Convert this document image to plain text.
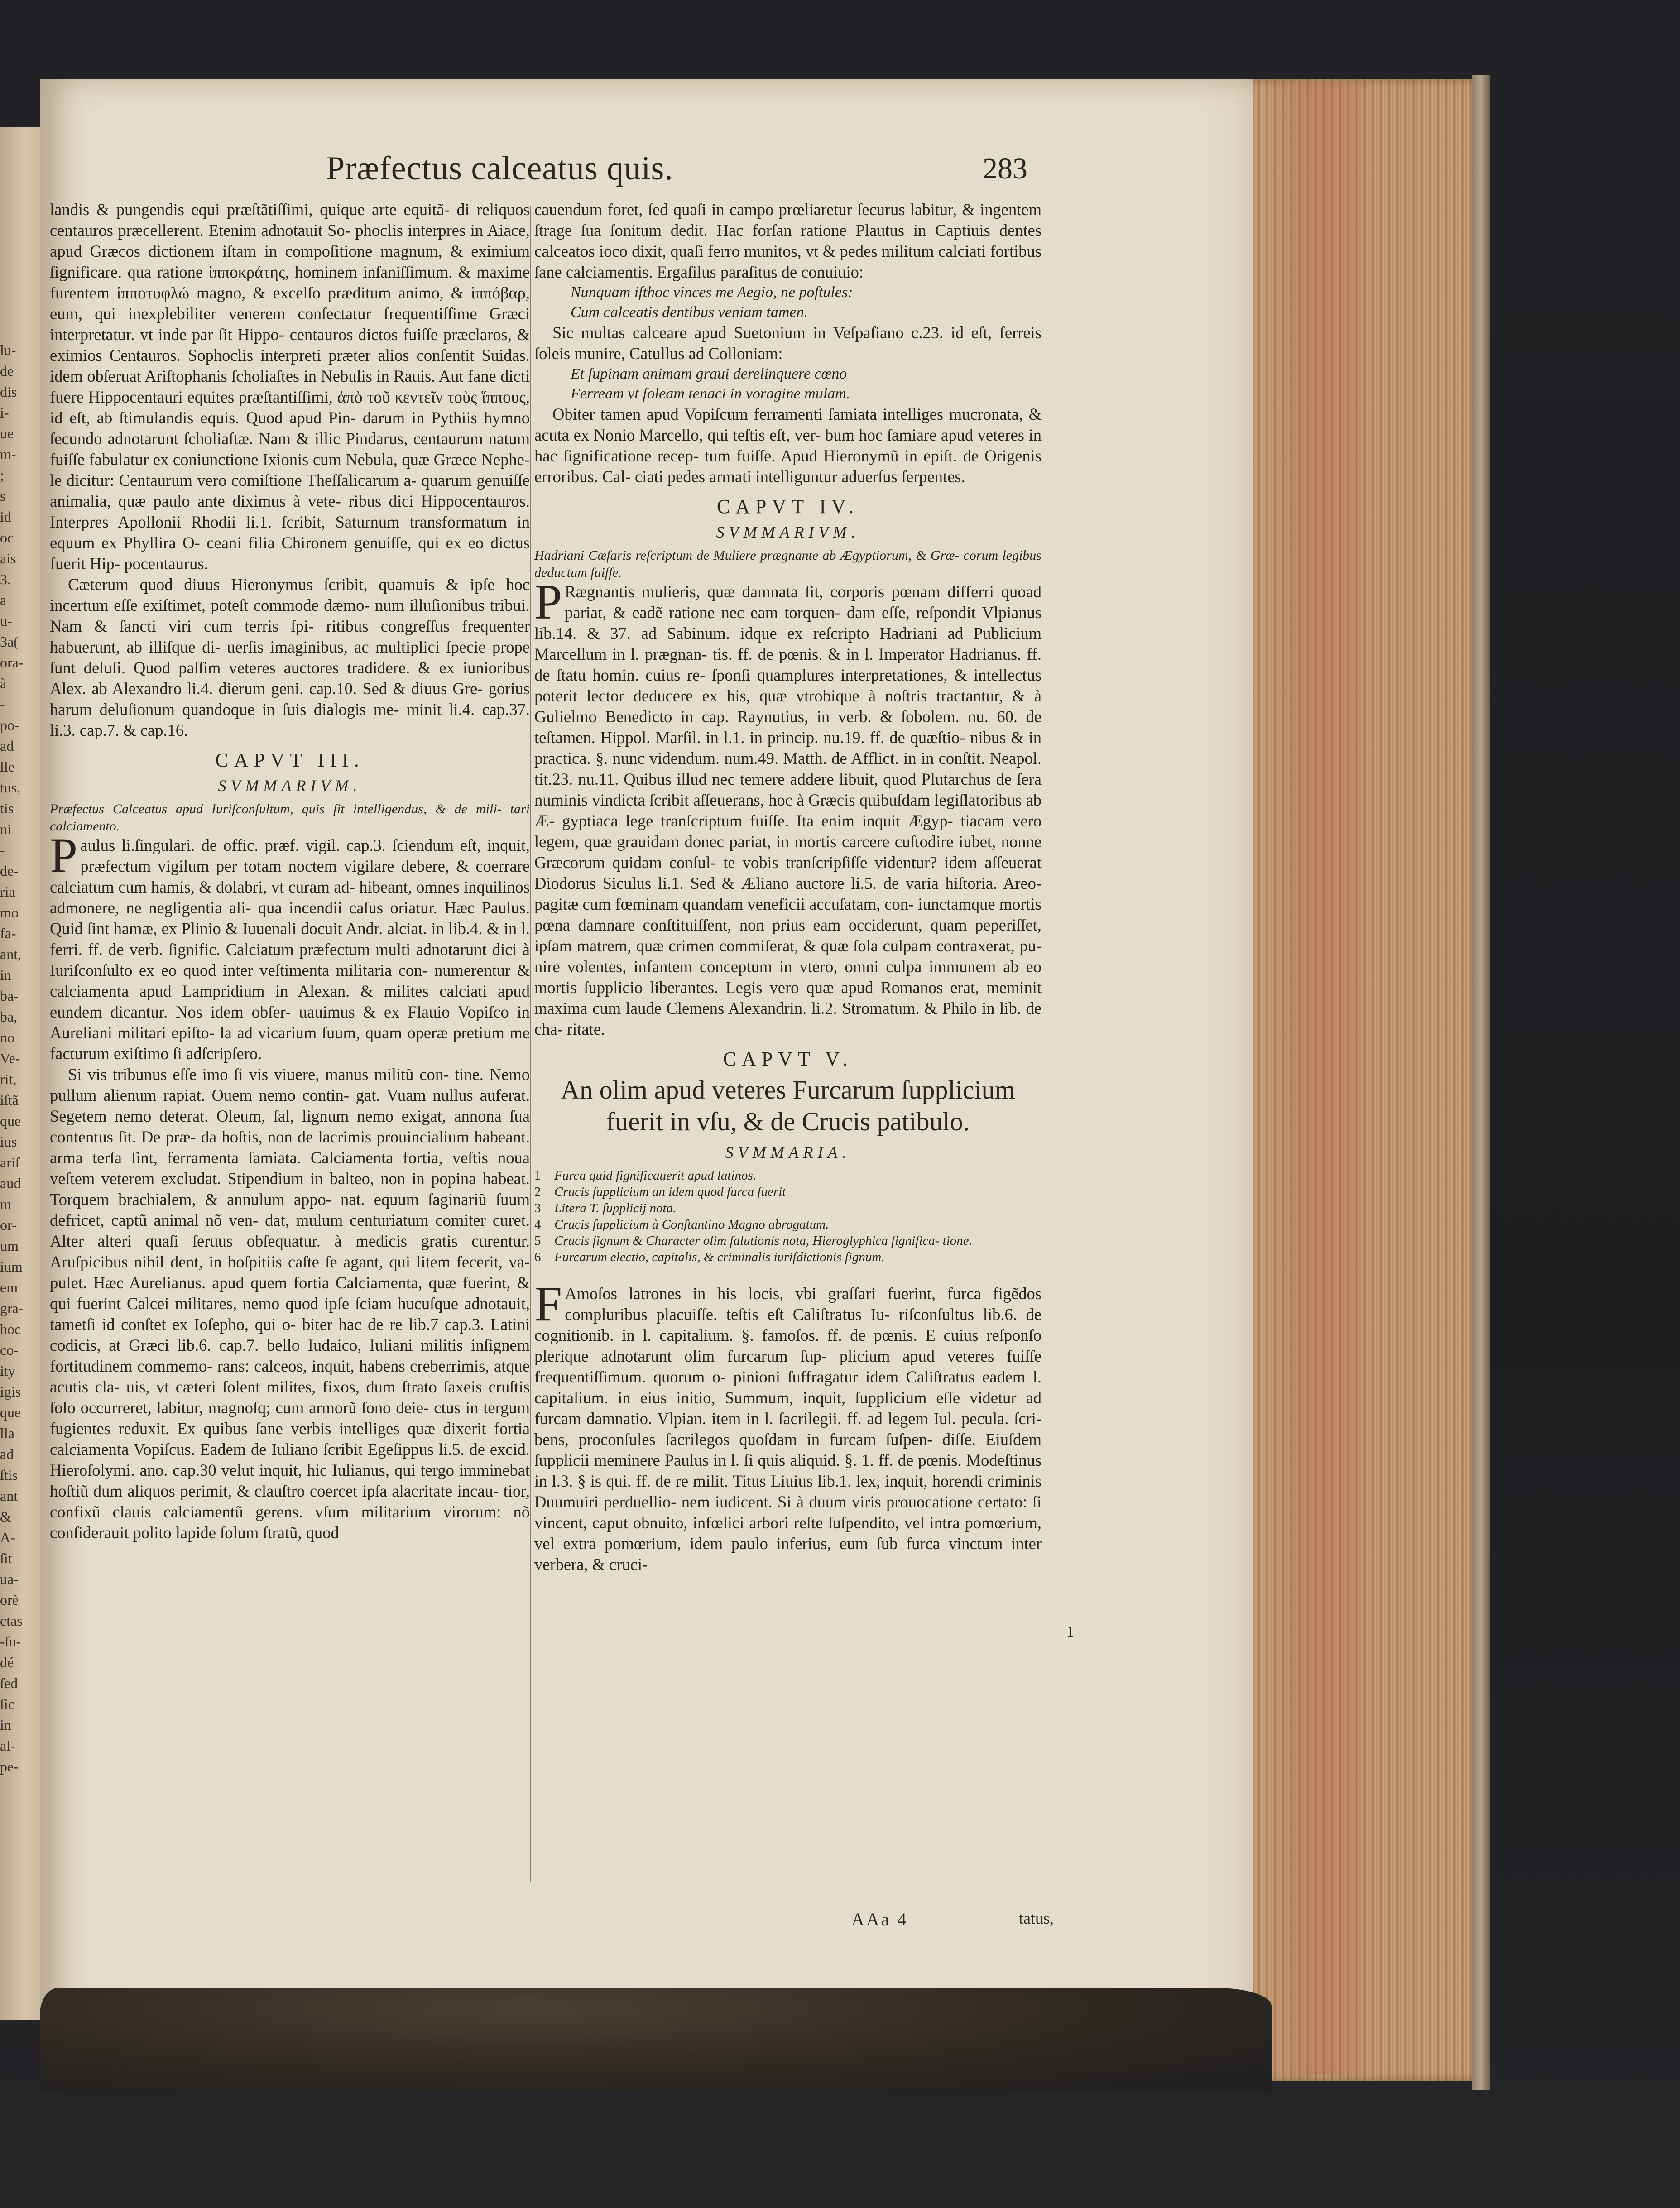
lu-
de
dis
i-
ue
m-
;
s
id
oc
ais
3.
a
u-
3a(
ora-
à
-
po-
ad
lle
tus,
tis
ni
-
de-
ria
mo
fa-
ant,
in
ba-
ba,
no
Ve-
rit,
iſtã
que
ius
ariſ
aud
m
or-
um
ium
em
gra-
hoc
co-
ity
igis
que
lla
ad
ſtis
ant
&
A-
ſit
ua-
orè
ctas
-ſu-
dé
ſed
ſic
in
al-
pe-
Præfectus calceatus quis.	283

landis & pungendis equi præſtãtiſſimi, quique arte equitã- di reliquos centauros præcellerent. Etenim adnotauit So- phoclis interpres in Aiace, apud Græcos dictionem iſtam in compoſitione magnum, & eximium ſignificare. qua ratione ἱπποκράτης, hominem inſaniſſimum. & maxime furentem ἱπποτυφλώ magno, & excelſo præditum animo, & ἱππόβαρ, eum, qui inexplebiliter venerem conſectatur frequentiſſime Græci interpretatur. vt inde par ſit Hippo- centauros dictos fuiſſe præclaros, & eximios Centauros. Sophoclis interpreti præter alios conſentit Suidas. idem obſeruat Ariſtophanis ſcholiaſtes in Nebulis in Rauis. Aut fane dicti fuere Hippocentauri equites præſtantiſſimi, ἀπὸ τοῦ κεντεῖν τοὺς ἵππους, id eſt, ab ſtimulandis equis. Quod apud Pin- darum in Pythiis hymno ſecundo adnotarunt ſcholiaſtæ. Nam & illic Pindarus, centaurum natum fuiſſe fabulatur ex coniunctione Ixionis cum Nebula, quæ Græce Nephe- le dicitur: Centaurum vero comiſtione Theſſalicarum a- quarum genuiſſe animalia, quæ paulo ante diximus à vete- ribus dici Hippocentauros. Interpres Apollonii Rhodii li.1. ſcribit, Saturnum transformatum in equum ex Phyllira O- ceani filia Chironem genuiſſe, qui ex eo dictus fuerit Hip- pocentaurus.

Cæterum quod diuus Hieronymus ſcribit, quamuis & ipſe hoc incertum eſſe exiſtimet, poteſt commode dæmo- num illuſionibus tribui. Nam & ſancti viri cum terris ſpi- ritibus congreſſus frequenter habuerunt, ab illiſque di- uerſis imaginibus, ac multiplici ſpecie prope ſunt deluſi. Quod paſſim veteres auctores tradidere. & ex iunioribus Alex. ab Alexandro li.4. dierum geni. cap.10. Sed & diuus Gre- gorius harum deluſionum quandoque in ſuis dialogis me- minit li.4. cap.37. li.3. cap.7. & cap.16.

CAPVT III.
SVMMARIVM.

Præfectus Calceatus apud Iuriſconſultum, quis ſit intelligendus, & de mili- tari calciamento.

Paulus li.ſingulari. de offic. præf. vigil. cap.3. ſciendum eſt, inquit, præfectum vigilum per totam noctem vigilare debere, & coerrare calciatum cum hamis, & dolabri, vt curam ad- hibeant, omnes inquilinos admonere, ne negligentia ali- qua incendii caſus oriatur. Hæc Paulus. Quid ſint hamæ, ex Plinio & Iuuenali docuit Andr. alciat. in lib.4. & in l. ferri. ff. de verb. ſignific. Calciatum præfectum multi adnotarunt dici à Iuriſconſulto ex eo quod inter veſtimenta militaria con- numerentur & calciamenta apud Lampridium in Alexan. & milites calciati apud eundem dicantur. Nos idem obſer- uauimus & ex Flauio Vopiſco in Aureliani militari epiſto- la ad vicarium ſuum, quam operæ pretium me facturum exiſtimo ſi adſcripſero.

Si vis tribunus eſſe imo ſi vis viuere, manus militũ con- tine. Nemo pullum alienum rapiat. Ouem nemo contin- gat. Vuam nullus auferat. Segetem nemo deterat. Oleum, ſal, lignum nemo exigat, annona ſua contentus ſit. De præ- da hoſtis, non de lacrimis prouincialium habeant. arma terſa ſint, ferramenta ſamiata. Calciamenta fortia, veſtis noua veſtem veterem excludat. Stipendium in balteo, non in popina habeat. Torquem brachialem, & annulum appo- nat. equum ſaginariũ ſuum defricet, captũ animal nõ ven- dat, mulum centuriatum comiter curet. Alter alteri quaſi ſeruus obſequatur. à medicis gratis curentur. Aruſpicibus nihil dent, in hoſpitiis caſte ſe agant, qui litem fecerit, va- pulet. Hæc Aurelianus. apud quem fortia Calciamenta, quæ fuerint, & qui fuerint Calcei militares, nemo quod ipſe ſciam hucuſque adnotauit, tametſi id conſtet ex Ioſepho, qui o- biter hac de re lib.7 cap.3. Latini codicis, at Græci lib.6. cap.7. bello Iudaico, Iuliani militis inſignem fortitudinem commemo- rans: calceos, inquit, habens creberrimis, atque acutis cla- uis, vt cæteri ſolent milites, fixos, dum ſtrato ſaxeis cruſtis ſolo occurreret, labitur, magnoſq; cum armorũ ſono deie- ctus in tergum fugientes reduxit. Ex quibus ſane verbis intelliges quæ dixerit fortia calciamenta Vopiſcus. Eadem de Iuliano ſcribit Egeſippus li.5. de excid. Hieroſolymi. ano. cap.30 velut inquit, hic Iulianus, qui tergo imminebat hoſtiũ dum aliquos perimit, & clauſtro coercet ipſa alacritate incau- tior, confixũ clauis calciamentũ gerens. vſum militarium virorum: nõ conſiderauit polito lapide ſolum ſtratũ, quod

cauendum foret, ſed quaſi in campo prœliaretur ſecurus labitur, & ingentem ſtrage ſua ſonitum dedit. Hac forſan ratione Plautus in Captiuis dentes calceatos ioco dixit, quaſi ferro munitos, vt & pedes militum calciati fortibus ſane calciamentis. Ergaſilus paraſitus de conuiuio:

Nunquam iſthoc vinces me Aegio, ne poſtules:

Cum calceatis dentibus veniam tamen.

Sic multas calceare apud Suetonium in Veſpaſiano c.23. id eſt, ferreis ſoleis munire, Catullus ad Colloniam:

Et ſupinam animam graui derelinquere cœno

Ferream vt ſoleam tenaci in voragine mulam.

Obiter tamen apud Vopiſcum ferramenti ſamiata intelliges mucronata, & acuta ex Nonio Marcello, qui teſtis eſt, ver- bum hoc ſamiare apud veteres in hac ſignificatione recep- tum fuiſſe. Apud Hieronymũ in epiſt. de Origenis erroribus. Cal- ciati pedes armati intelliguntur aduerſus ſerpentes.

CAPVT IV.
SVMMARIVM.

Hadriani Cæſaris reſcriptum de Muliere prægnante ab Ægyptiorum, & Græ- corum legibus deductum fuiſſe.

PRægnantis mulieris, quæ damnata ſit, corporis pœnam differri quoad pariat, & eadẽ ratione nec eam torquen- dam eſſe, reſpondit Vlpianus lib.14. & 37. ad Sabinum. idque ex reſcripto Hadriani ad Publicium Marcellum in l. prægnan- tis. ff. de pœnis. & in l. Imperator Hadrianus. ff. de ſtatu homin. cuius re- ſponſi quamplures interpretationes, & intellectus poterit lector deducere ex his, quæ vtrobique à noſtris tractantur, & à Gulielmo Benedicto in cap. Raynutius, in verb. & ſobolem. nu. 60. de teſtamen. Hippol. Marſil. in l.1. in princip. nu.19. ff. de quæſtio- nibus & in practica. §. nunc videndum. num.49. Matth. de Afflict. in in conſtit. Neapol. tit.23. nu.11. Quibus illud nec temere addere libuit, quod Plutarchus de ſera numinis vindicta ſcribit aſſeuerans, hoc à Græcis quibuſdam legiſlatoribus ab Æ- gyptiaca lege tranſcriptum fuiſſe. Ita enim inquit Ægyp- tiacam vero legem, quæ grauidam donec pariat, in mortis carcere cuſtodire iubet, nonne Græcorum quidam conſul- te vobis tranſcripſiſſe videntur? idem aſſeuerat Diodorus Siculus li.1. Sed & Æliano auctore li.5. de varia hiſtoria. Areo- pagitæ cum fœminam quandam veneficii accuſatam, con- iunctamque mortis pœna damnare conſtituiſſent, non prius eam occiderunt, quam peperiſſet, ipſam matrem, quæ crimen commiſerat, & quæ ſola culpam contraxerat, pu- nire volentes, infantem conceptum in vtero, omni culpa immunem ab eo mortis ſupplicio liberantes. Legis vero quæ apud Romanos erat, meminit maxima cum laude Clemens Alexandrin. li.2. Stromatum. & Philo in lib. de cha- ritate.

CAPVT V.
An olim apud veteres Furcarum ſupplicium fuerit in vſu, & de Crucis patibulo.
SVMMARIA.
1	Furca quid ſignificauerit apud latinos.
2	Crucis ſupplicium an idem quod furca fuerit
3	Litera T. ſupplicij nota.
4	Crucis ſupplicium à Conſtantino Magno abrogatum.
5	Crucis ſignum & Character olim ſalutionis nota, Hieroglyphica ſignifica- tione.
6	Furcarum electio, capitalis, & criminalis iuriſdictionis ſignum.

FAmoſos latrones in his locis, vbi graſſari fuerint, furca figẽdos compluribus placuiſſe. teſtis eſt Caliſtratus Iu- riſconſultus lib.6. de cognitionib. in l. capitalium. §. famoſos. ff. de pœnis. E cuius reſponſo plerique adnotarunt olim furcarum ſup- plicium apud veteres fuiſſe frequentiſſimum. quorum o- pinioni ſuffragatur idem Caliſtratus eadem l. capitalium. in eius initio, Summum, inquit, ſupplicium eſſe videtur ad furcam damnatio. Vlpian. item in l. ſacrilegii. ff. ad legem Iul. pecula. ſcri- bens, proconſules ſacrilegos quoſdam in furcam ſuſpen- diſſe. Eiuſdem ſupplicii meminere Paulus in l. ſi quis aliquid. §. 1. ff. de pœnis. Modeſtinus in l.3. § is qui. ff. de re milit. Titus Liuius lib.1. lex, inquit, horendi criminis Duumuiri perduellio- nem iudicent. Si à duum viris prouocatione certato: ſi vincent, caput obnuito, infœlici arbori reſte ſuſpendito, vel intra pomœrium, vel extra pomœrium, idem paulo inferius, eum ſub furca vinctum inter verbera, & cruci-

1
AAa 4	tatus,
